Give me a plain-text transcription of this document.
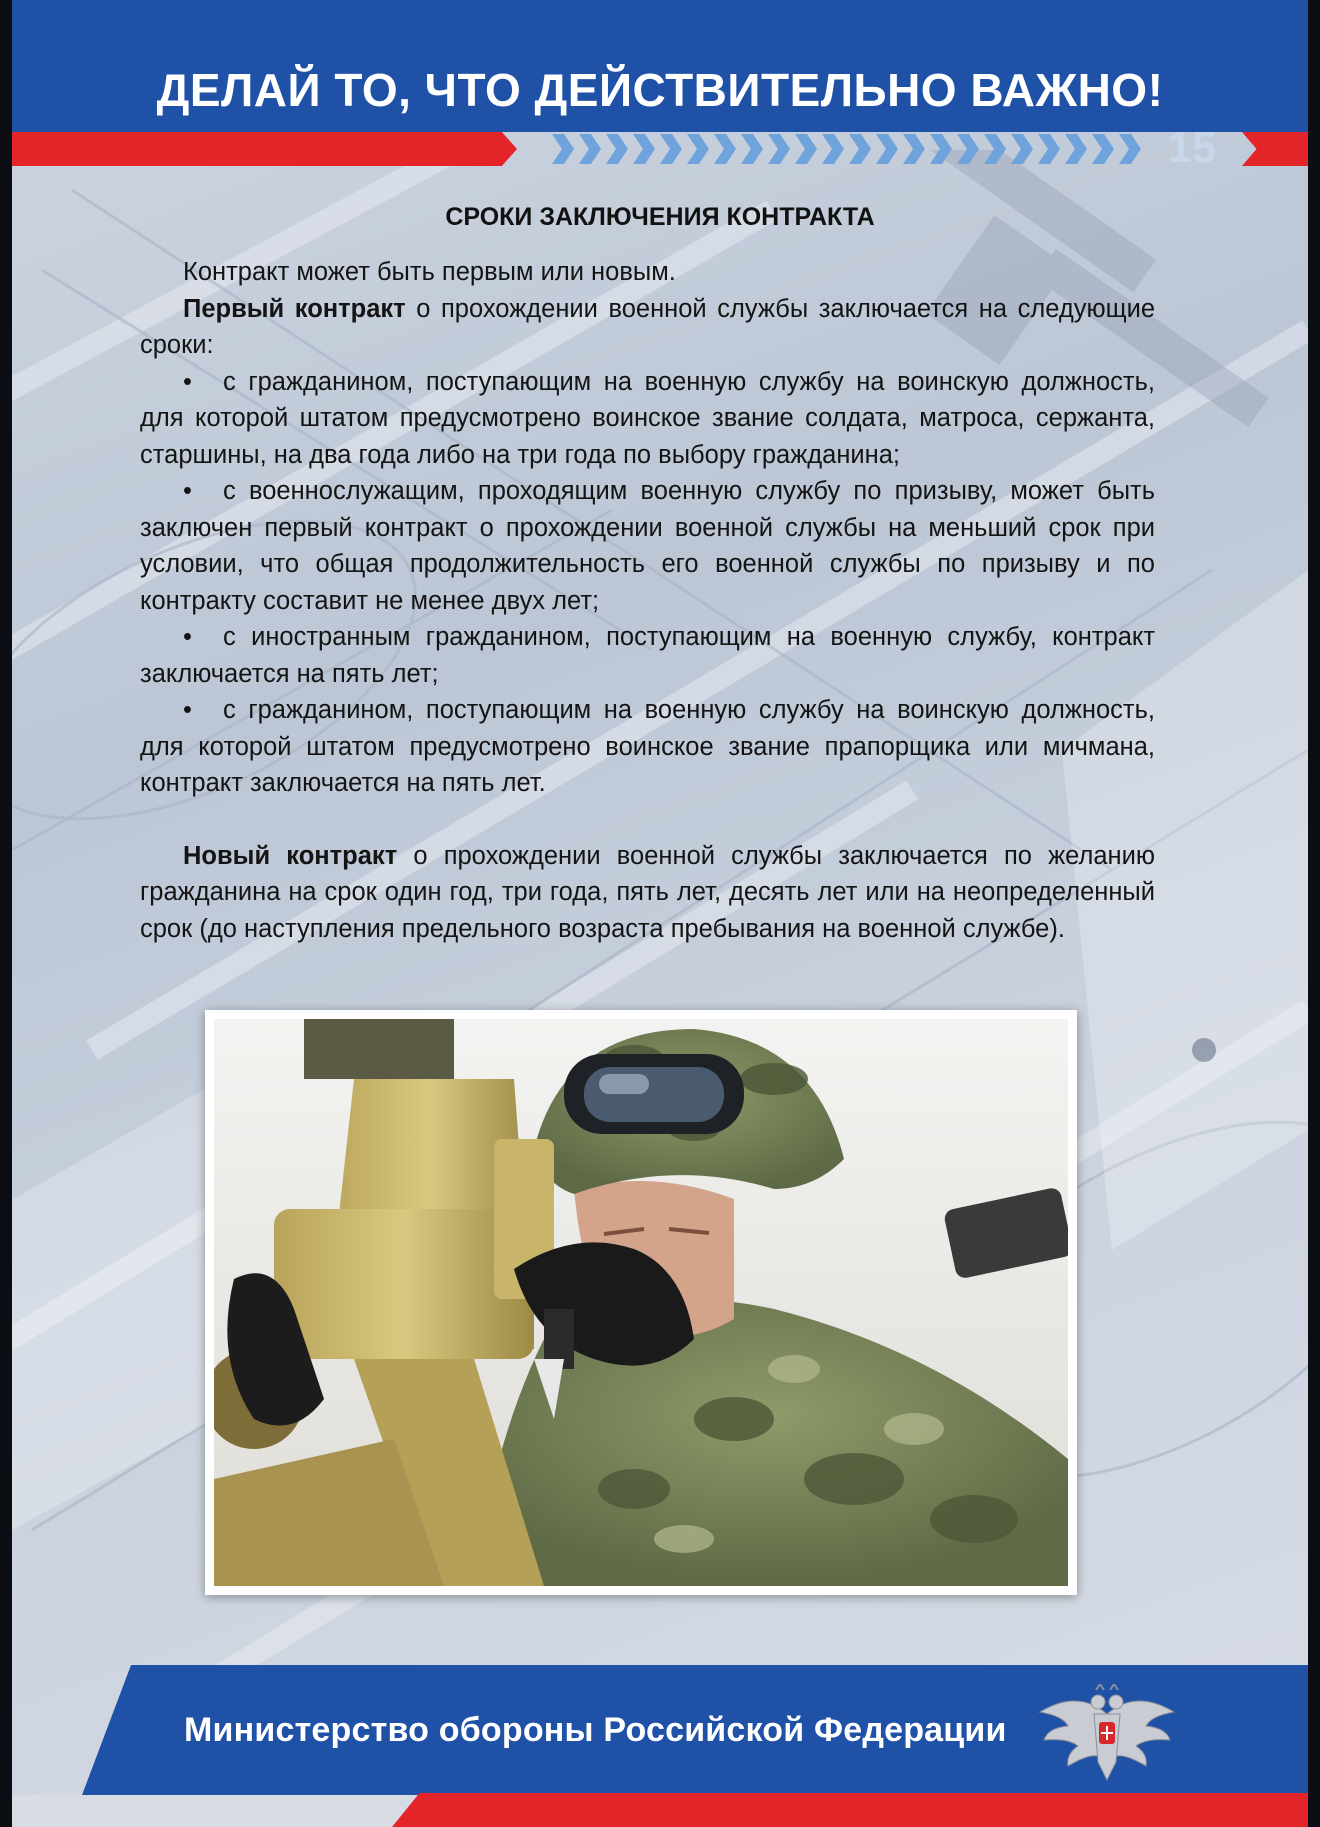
ДЕЛАЙ ТО, ЧТО ДЕЙСТВИТЕЛЬНО ВАЖНО!
15
СРОКИ ЗАКЛЮЧЕНИЯ КОНТРАКТА

Контракт может быть первым или новым.

Первый контракт о прохождении военной службы заключается на следующие сроки:

• с гражданином, поступающим на военную службу на воинскую должность, для которой штатом предусмотрено воинское звание солдата, матроса, сержанта, старшины, на два года либо на три года по выбору гражданина;

• с военнослужащим, проходящим военную службу по призыву, может быть заключен первый контракт о прохождении военной службы на меньший срок при условии, что общая продолжительность его военной службы по призыву и по контракту составит не менее двух лет;

• с иностранным гражданином, поступающим на военную службу, контракт заключается на пять лет;

• с гражданином, поступающим на военную службу на воинскую должность, для которой штатом предусмотрено воинское звание прапорщика или мичмана, контракт заключается на пять лет.

Новый контракт о прохождении военной службы заключается по желанию гражданина на срок один год, три года, пять лет, десять лет или на неопределенный срок (до наступления предельного возраста пребывания на военной службе).

Министерство обороны Российской Федерации
